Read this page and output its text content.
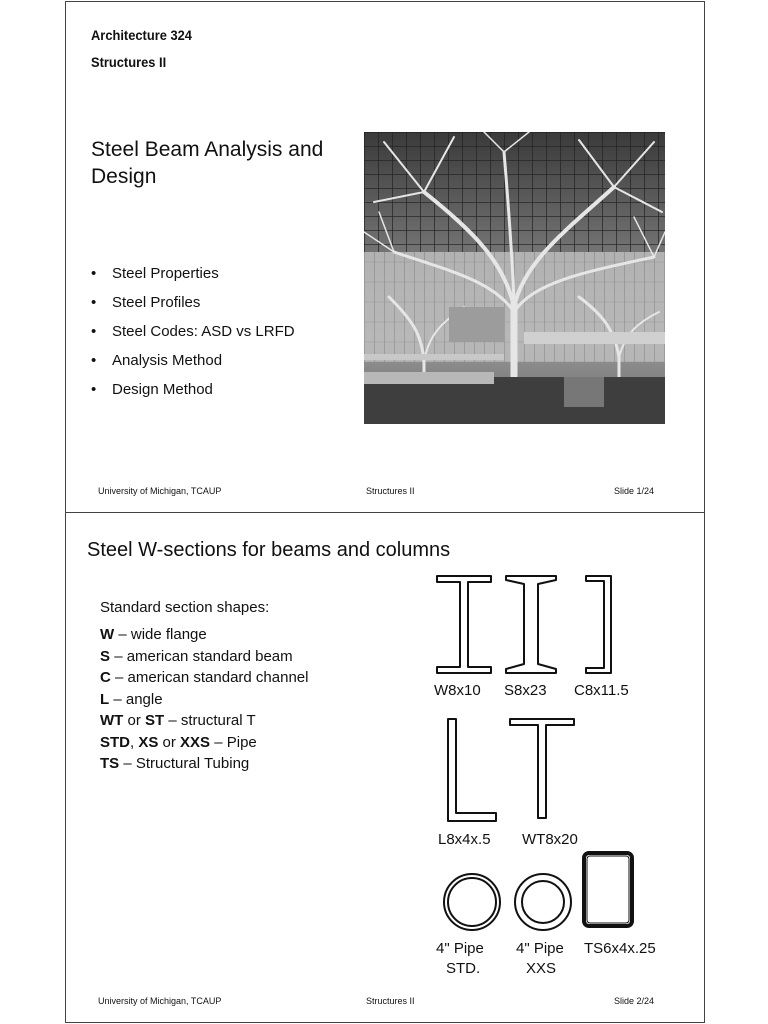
Architecture 324
Structures II
Steel Beam Analysis and Design
• Steel Properties
• Steel Profiles
• Steel Codes: ASD vs LRFD
• Analysis Method
• Design Method
University of Michigan, TCAUP	Structures II	Slide 1/24
Steel W-sections for beams and columns
Standard section shapes:
W – wide flange
S – american standard beam
C – american standard channel
L – angle
WT or ST – structural T
STD, XS or XXS – Pipe
TS – Structural Tubing
W8x10 S8x23 C8x11.5
L8x4x.5 WT8x20
4" Pipe
STD.
4" Pipe
XXS
TS6x4x.25
University of Michigan, TCAUP	Structures II	Slide 2/24
